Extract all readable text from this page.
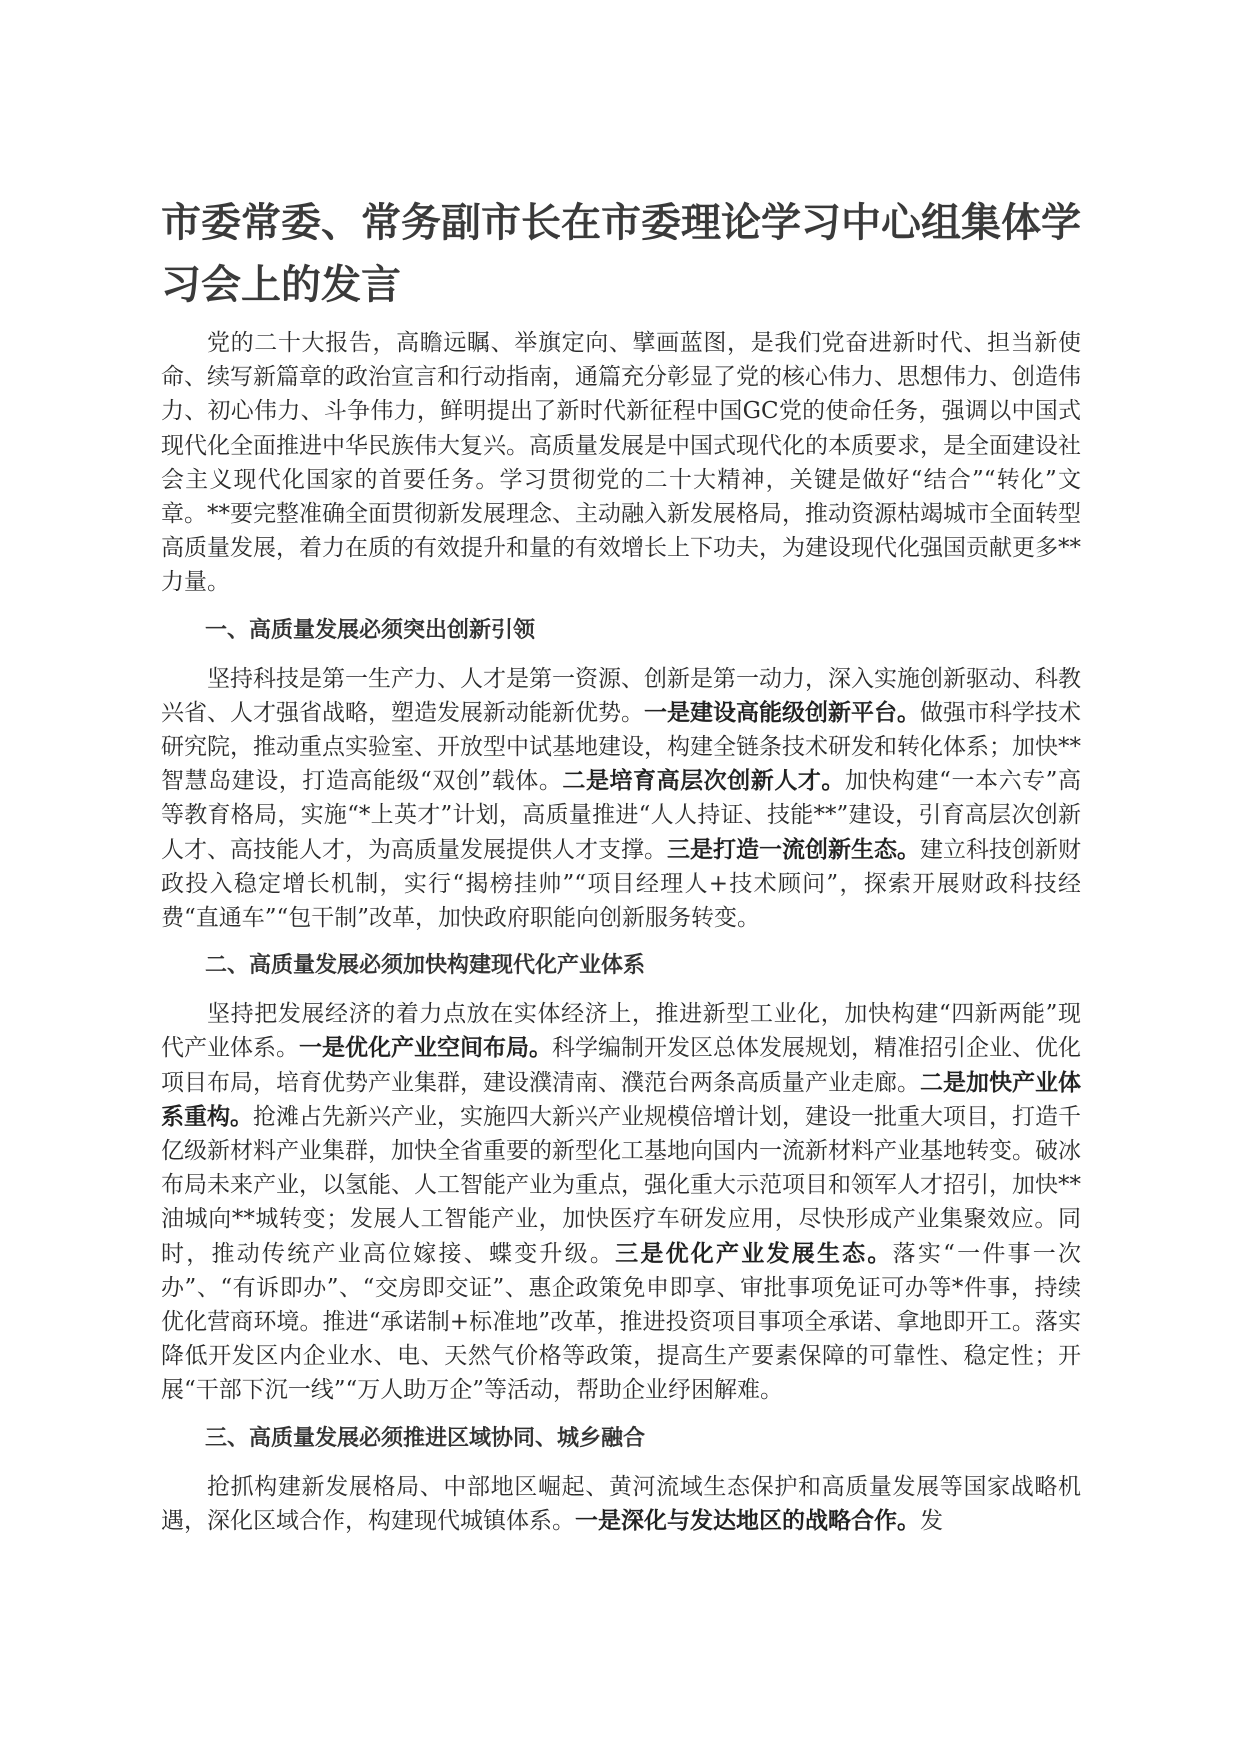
市委常委、常务副市长在市委理论学习中心组集体学习会上的发言

党的二十大报告，高瞻远瞩、举旗定向、擘画蓝图，是我们党奋进新时代、担当新使命、续写新篇章的政治宣言和行动指南，通篇充分彰显了党的核心伟力、思想伟力、创造伟力、初心伟力、斗争伟力，鲜明提出了新时代新征程中国GC党的使命任务，强调以中国式现代化全面推进中华民族伟大复兴。高质量发展是中国式现代化的本质要求，是全面建设社会主义现代化国家的首要任务。学习贯彻党的二十大精神，关键是做好“结合”“转化”文章。**要完整准确全面贯彻新发展理念、主动融入新发展格局，推动资源枯竭城市全面转型高质量发展，着力在质的有效提升和量的有效增长上下功夫，为建设现代化强国贡献更多**力量。

一、高质量发展必须突出创新引领

坚持科技是第一生产力、人才是第一资源、创新是第一动力，深入实施创新驱动、科教兴省、人才强省战略，塑造发展新动能新优势。一是建设高能级创新平台。做强市科学技术研究院，推动重点实验室、开放型中试基地建设，构建全链条技术研发和转化体系；加快**智慧岛建设，打造高能级“双创”载体。二是培育高层次创新人才。加快构建“一本六专”高等教育格局，实施“*上英才”计划，高质量推进“人人持证、技能**”建设，引育高层次创新人才、高技能人才，为高质量发展提供人才支撑。三是打造一流创新生态。建立科技创新财政投入稳定增长机制，实行“揭榜挂帅”“项目经理人+技术顾问”，探索开展财政科技经费“直通车”“包干制”改革，加快政府职能向创新服务转变。

二、高质量发展必须加快构建现代化产业体系

坚持把发展经济的着力点放在实体经济上，推进新型工业化，加快构建“四新两能”现代产业体系。一是优化产业空间布局。科学编制开发区总体发展规划，精准招引企业、优化项目布局，培育优势产业集群，建设濮清南、濮范台两条高质量产业走廊。二是加快产业体系重构。抢滩占先新兴产业，实施四大新兴产业规模倍增计划，建设一批重大项目，打造千亿级新材料产业集群，加快全省重要的新型化工基地向国内一流新材料产业基地转变。破冰布局未来产业，以氢能、人工智能产业为重点，强化重大示范项目和领军人才招引，加快**油城向**城转变；发展人工智能产业，加快医疗车研发应用，尽快形成产业集聚效应。同时，推动传统产业高位嫁接、蝶变升级。三是优化产业发展生态。落实“一件事一次办”、“有诉即办”、“交房即交证”、惠企政策免申即享、审批事项免证可办等*件事，持续优化营商环境。推进“承诺制+标准地”改革，推进投资项目事项全承诺、拿地即开工。落实降低开发区内企业水、电、天然气价格等政策，提高生产要素保障的可靠性、稳定性；开展“干部下沉一线”“万人助万企”等活动，帮助企业纾困解难。

三、高质量发展必须推进区域协同、城乡融合

抢抓构建新发展格局、中部地区崛起、黄河流域生态保护和高质量发展等国家战略机遇，深化区域合作，构建现代城镇体系。一是深化与发达地区的战略合作。发
